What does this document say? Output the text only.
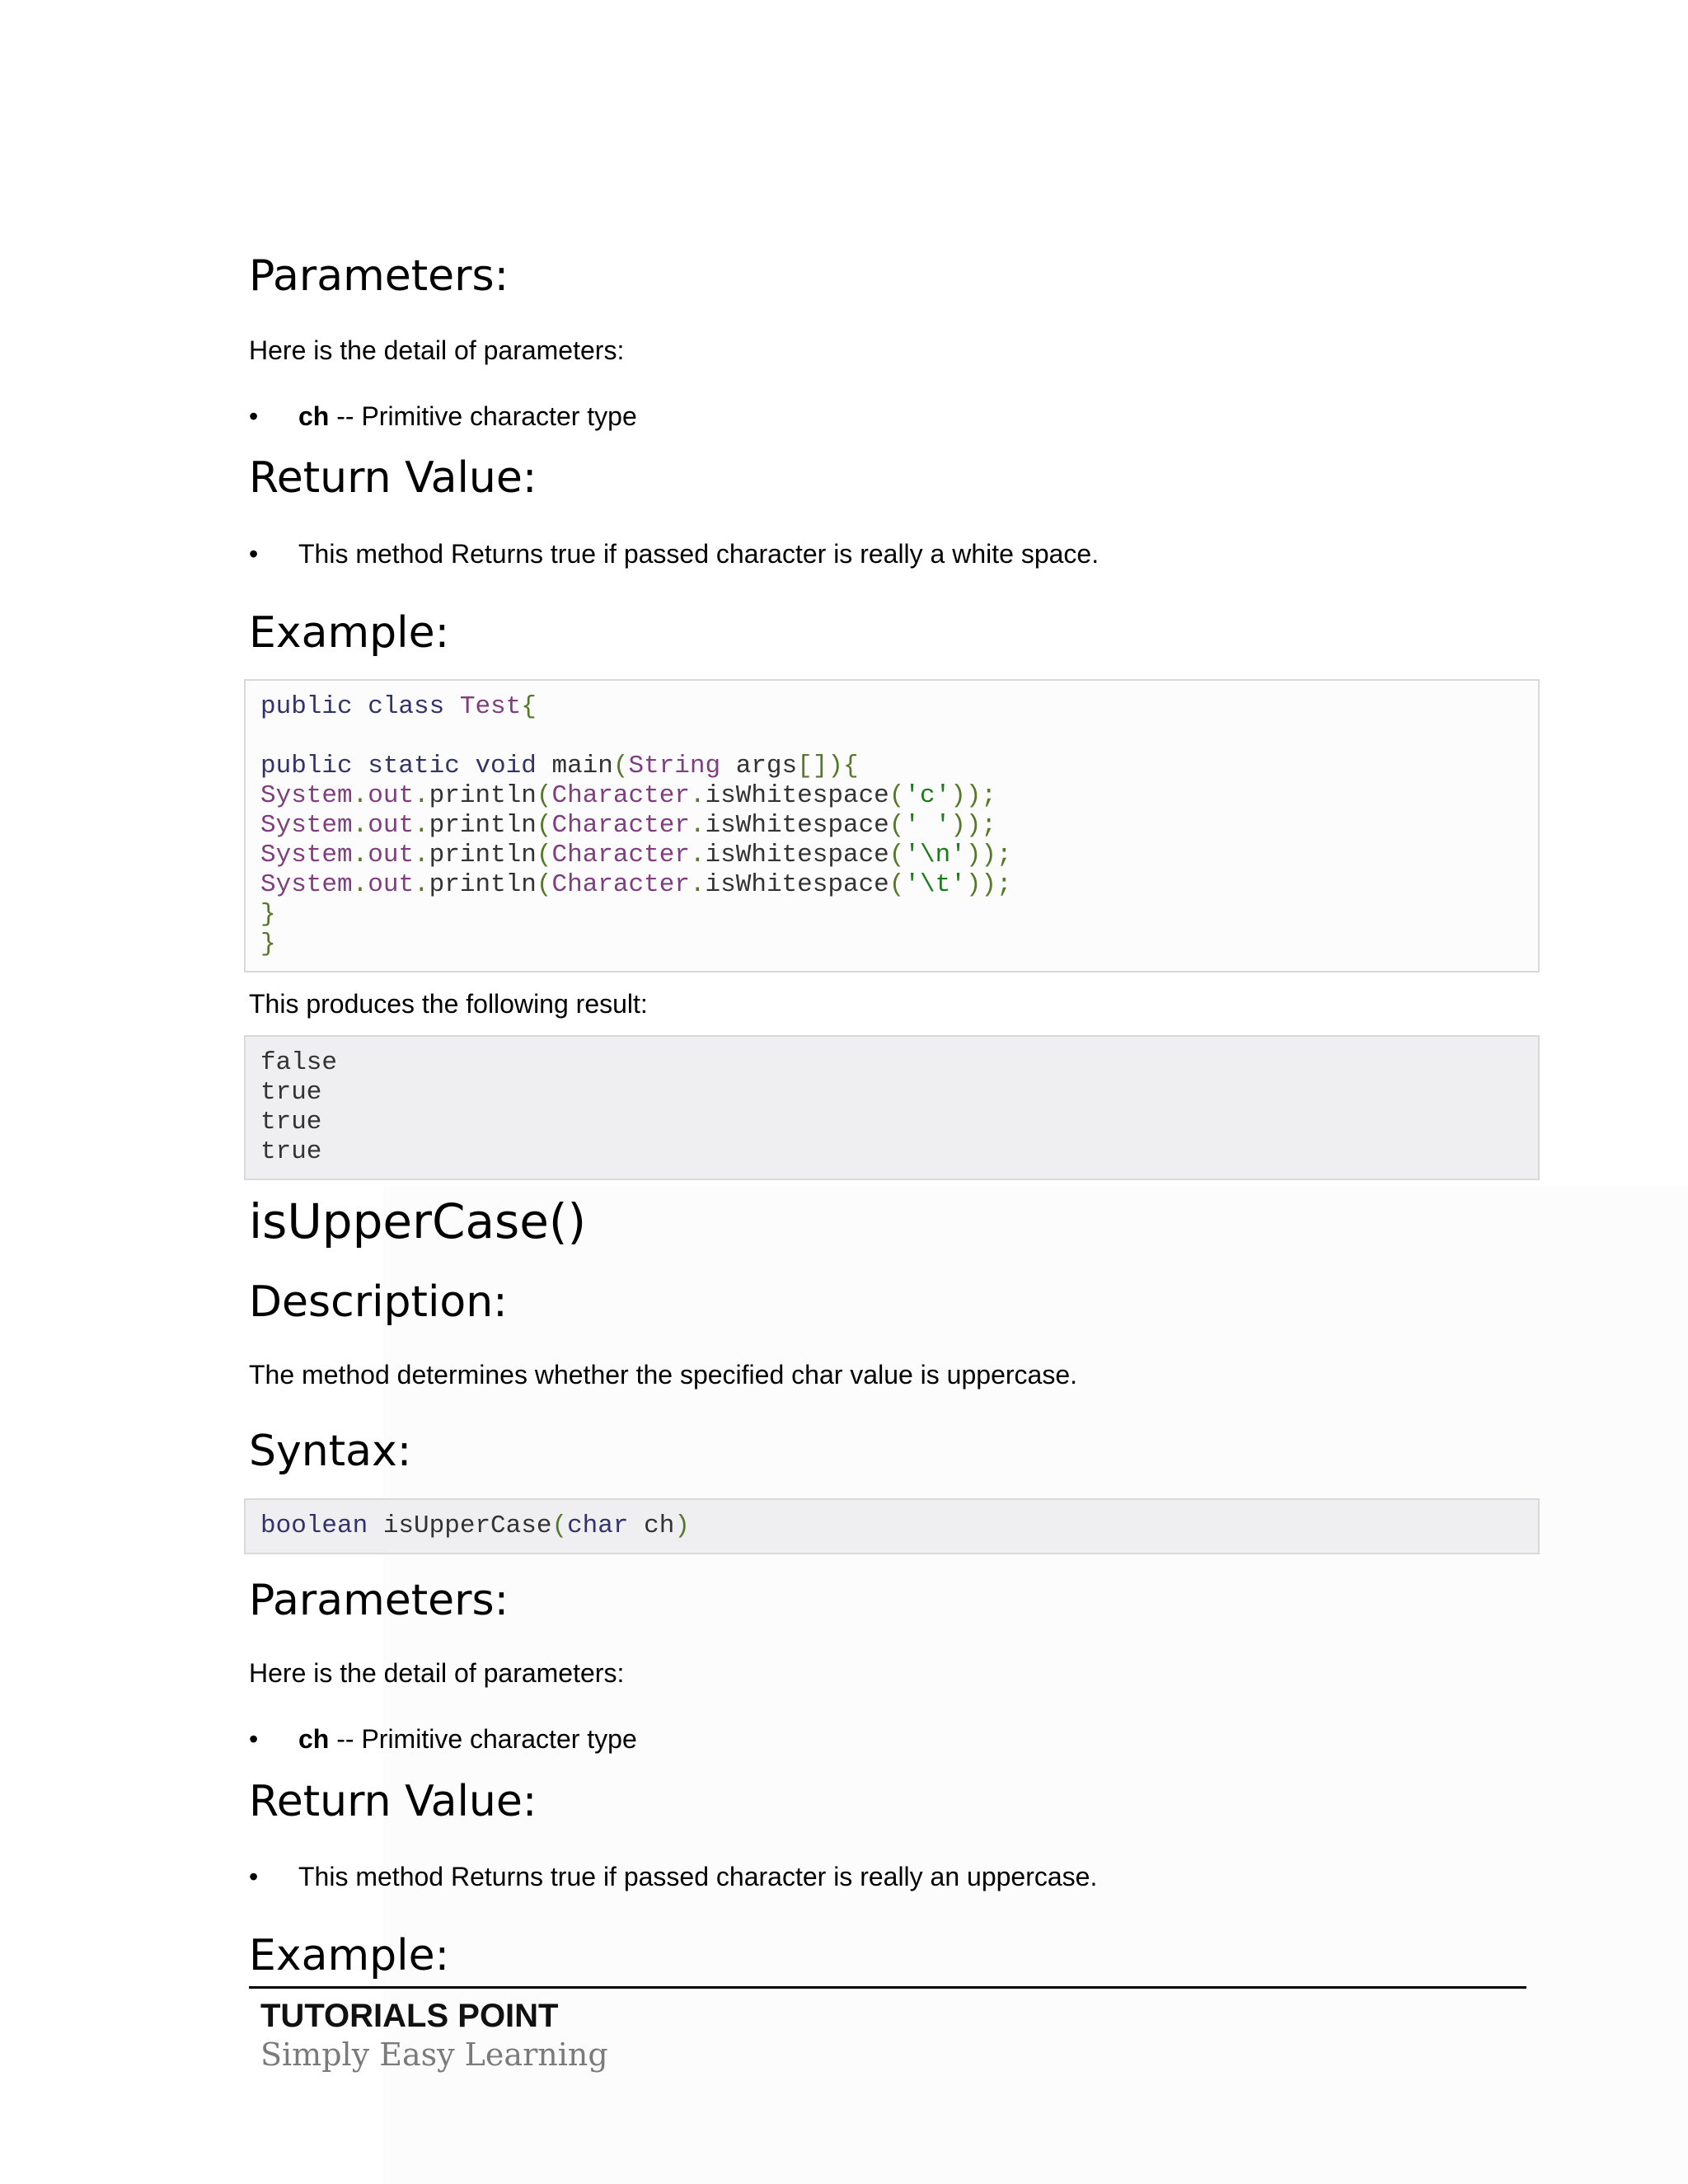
Parameters:

Here is the detail of parameters:

•	ch -- Primitive character type
Return Value:
•	This method Returns true if passed character is really a white space.
Example:
public class Test{
public static void main(String args[]){
System.out.println(Character.isWhitespace('c'));
System.out.println(Character.isWhitespace(' '));
System.out.println(Character.isWhitespace('\n'));
System.out.println(Character.isWhitespace('\t'));
}
}

This produces the following result:

false
true
true
true
isUpperCase()
Description:

The method determines whether the specified char value is uppercase.

Syntax:
boolean isUpperCase(char ch)
Parameters:

Here is the detail of parameters:

•	ch -- Primitive character type
Return Value:
•	This method Returns true if passed character is really an uppercase.
Example:
TUTORIALS POINT
Simply Easy Learning
